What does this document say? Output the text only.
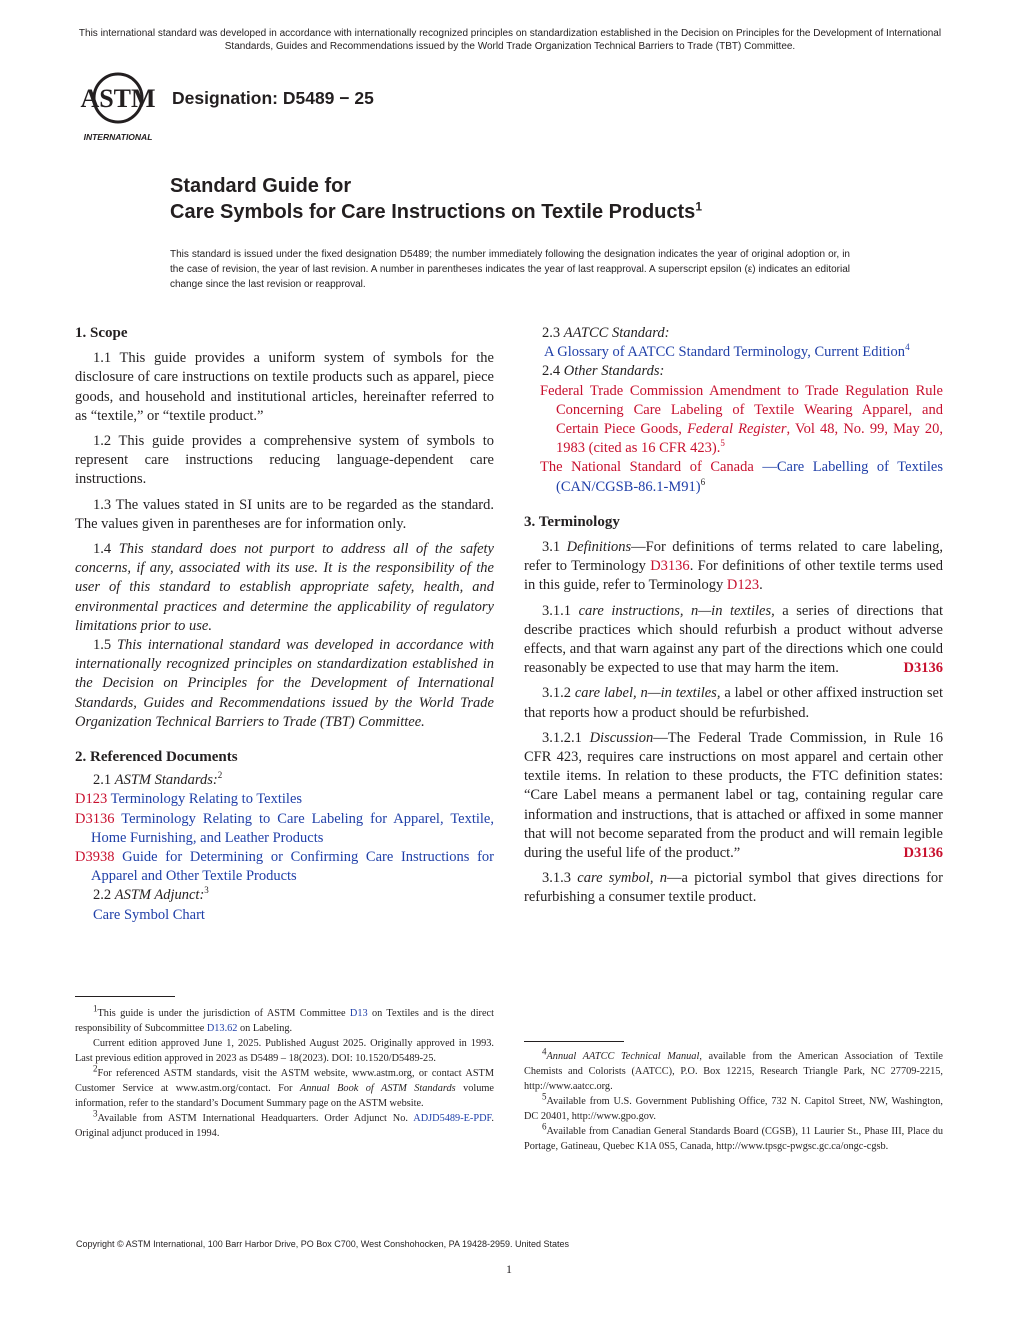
This international standard was developed in accordance with internationally recognized principles on standardization established in the Decision on Principles for the Development of International Standards, Guides and Recommendations issued by the World Trade Organization Technical Barriers to Trade (TBT) Committee.
ASTM
INTERNATIONAL
Designation: D5489 − 25
Standard Guide for
Care Symbols for Care Instructions on Textile Products$^1$
This standard is issued under the fixed designation D5489; the number immediately following the designation indicates the year of original adoption or, in the case of revision, the year of last revision. A number in parentheses indicates the year of last reapproval. A superscript epsilon (ε) indicates an editorial change since the last revision or reapproval.

1. Scope

1.1 This guide provides a uniform system of symbols for the disclosure of care instructions on textile products such as apparel, piece goods, and household and institutional articles, hereinafter referred to as “textile,” or “textile product.”

1.2 This guide provides a comprehensive system of symbols to represent care instructions reducing language-dependent care instructions.

1.3 The values stated in SI units are to be regarded as the standard. The values given in parentheses are for information only.

1.4 This standard does not purport to address all of the safety concerns, if any, associated with its use. It is the responsibility of the user of this standard to establish appropriate safety, health, and environmental practices and determine the applicability of regulatory limitations prior to use.

1.5 This international standard was developed in accordance with internationally recognized principles on standardization established in the Decision on Principles for the Development of International Standards, Guides and Recommendations issued by the World Trade Organization Technical Barriers to Trade (TBT) Committee.

2. Referenced Documents

2.1 ASTM Standards:$^2$

D123 Terminology Relating to Textiles

D3136 Terminology Relating to Care Labeling for Apparel, Textile, Home Furnishing, and Leather Products

D3938 Guide for Determining or Confirming Care Instructions for Apparel and Other Textile Products

2.2 ASTM Adjunct:$^3$

Care Symbol Chart

$^1$This guide is under the jurisdiction of ASTM Committee D13 on Textiles and is the direct responsibility of Subcommittee D13.62 on Labeling.

Current edition approved June 1, 2025. Published August 2025. Originally approved in 1993. Last previous edition approved in 2023 as D5489 – 18(2023). DOI: 10.1520/D5489-25.

$^2$For referenced ASTM standards, visit the ASTM website, www.astm.org, or contact ASTM Customer Service at www.astm.org/contact. For Annual Book of ASTM Standards volume information, refer to the standard’s Document Summary page on the ASTM website.

$^3$Available from ASTM International Headquarters. Order Adjunct No. ADJD5489-E-PDF. Original adjunct produced in 1994.

2.3 AATCC Standard:

A Glossary of AATCC Standard Terminology, Current Edition$^4$

2.4 Other Standards:

Federal Trade Commission Amendment to Trade Regulation Rule Concerning Care Labeling of Textile Wearing Apparel, and Certain Piece Goods, Federal Register, Vol 48, No. 99, May 20, 1983 (cited as 16 CFR 423).$^5$

The National Standard of Canada —Care Labelling of Textiles (CAN/CGSB-86.1-M91)$^6$

3. Terminology

3.1 Definitions—For definitions of terms related to care labeling, refer to Terminology D3136. For definitions of other textile terms used in this guide, refer to Terminology D123.

3.1.1 care instructions, n—in textiles, a series of directions that describe practices which should refurbish a product without adverse effects, and that warn against any part of the directions which one could reasonably be expected to use that may harm the item.	D3136

3.1.2 care label, n—in textiles, a label or other affixed instruction set that reports how a product should be refurbished.

3.1.2.1 Discussion—The Federal Trade Commission, in Rule 16 CFR 423, requires care instructions on most apparel and certain other textile items. In relation to these products, the FTC definition states: “Care Label means a permanent label or tag, containing regular care information and instructions, that is attached or affixed in some manner that will not become separated from the product and will remain legible during the useful life of the product.”	D3136

3.1.3 care symbol, n—a pictorial symbol that gives directions for refurbishing a consumer textile product.

$^4$Annual AATCC Technical Manual, available from the American Association of Textile Chemists and Colorists (AATCC), P.O. Box 12215, Research Triangle Park, NC 27709-2215, http://www.aatcc.org.

$^5$Available from U.S. Government Publishing Office, 732 N. Capitol Street, NW, Washington, DC 20401, http://www.gpo.gov.

$^6$Available from Canadian General Standards Board (CGSB), 11 Laurier St., Phase III, Place du Portage, Gatineau, Quebec K1A 0S5, Canada, http://www.tpsgc-pwgsc.gc.ca/ongc-cgsb.

Copyright © ASTM International, 100 Barr Harbor Drive, PO Box C700, West Conshohocken, PA 19428-2959. United States
1
